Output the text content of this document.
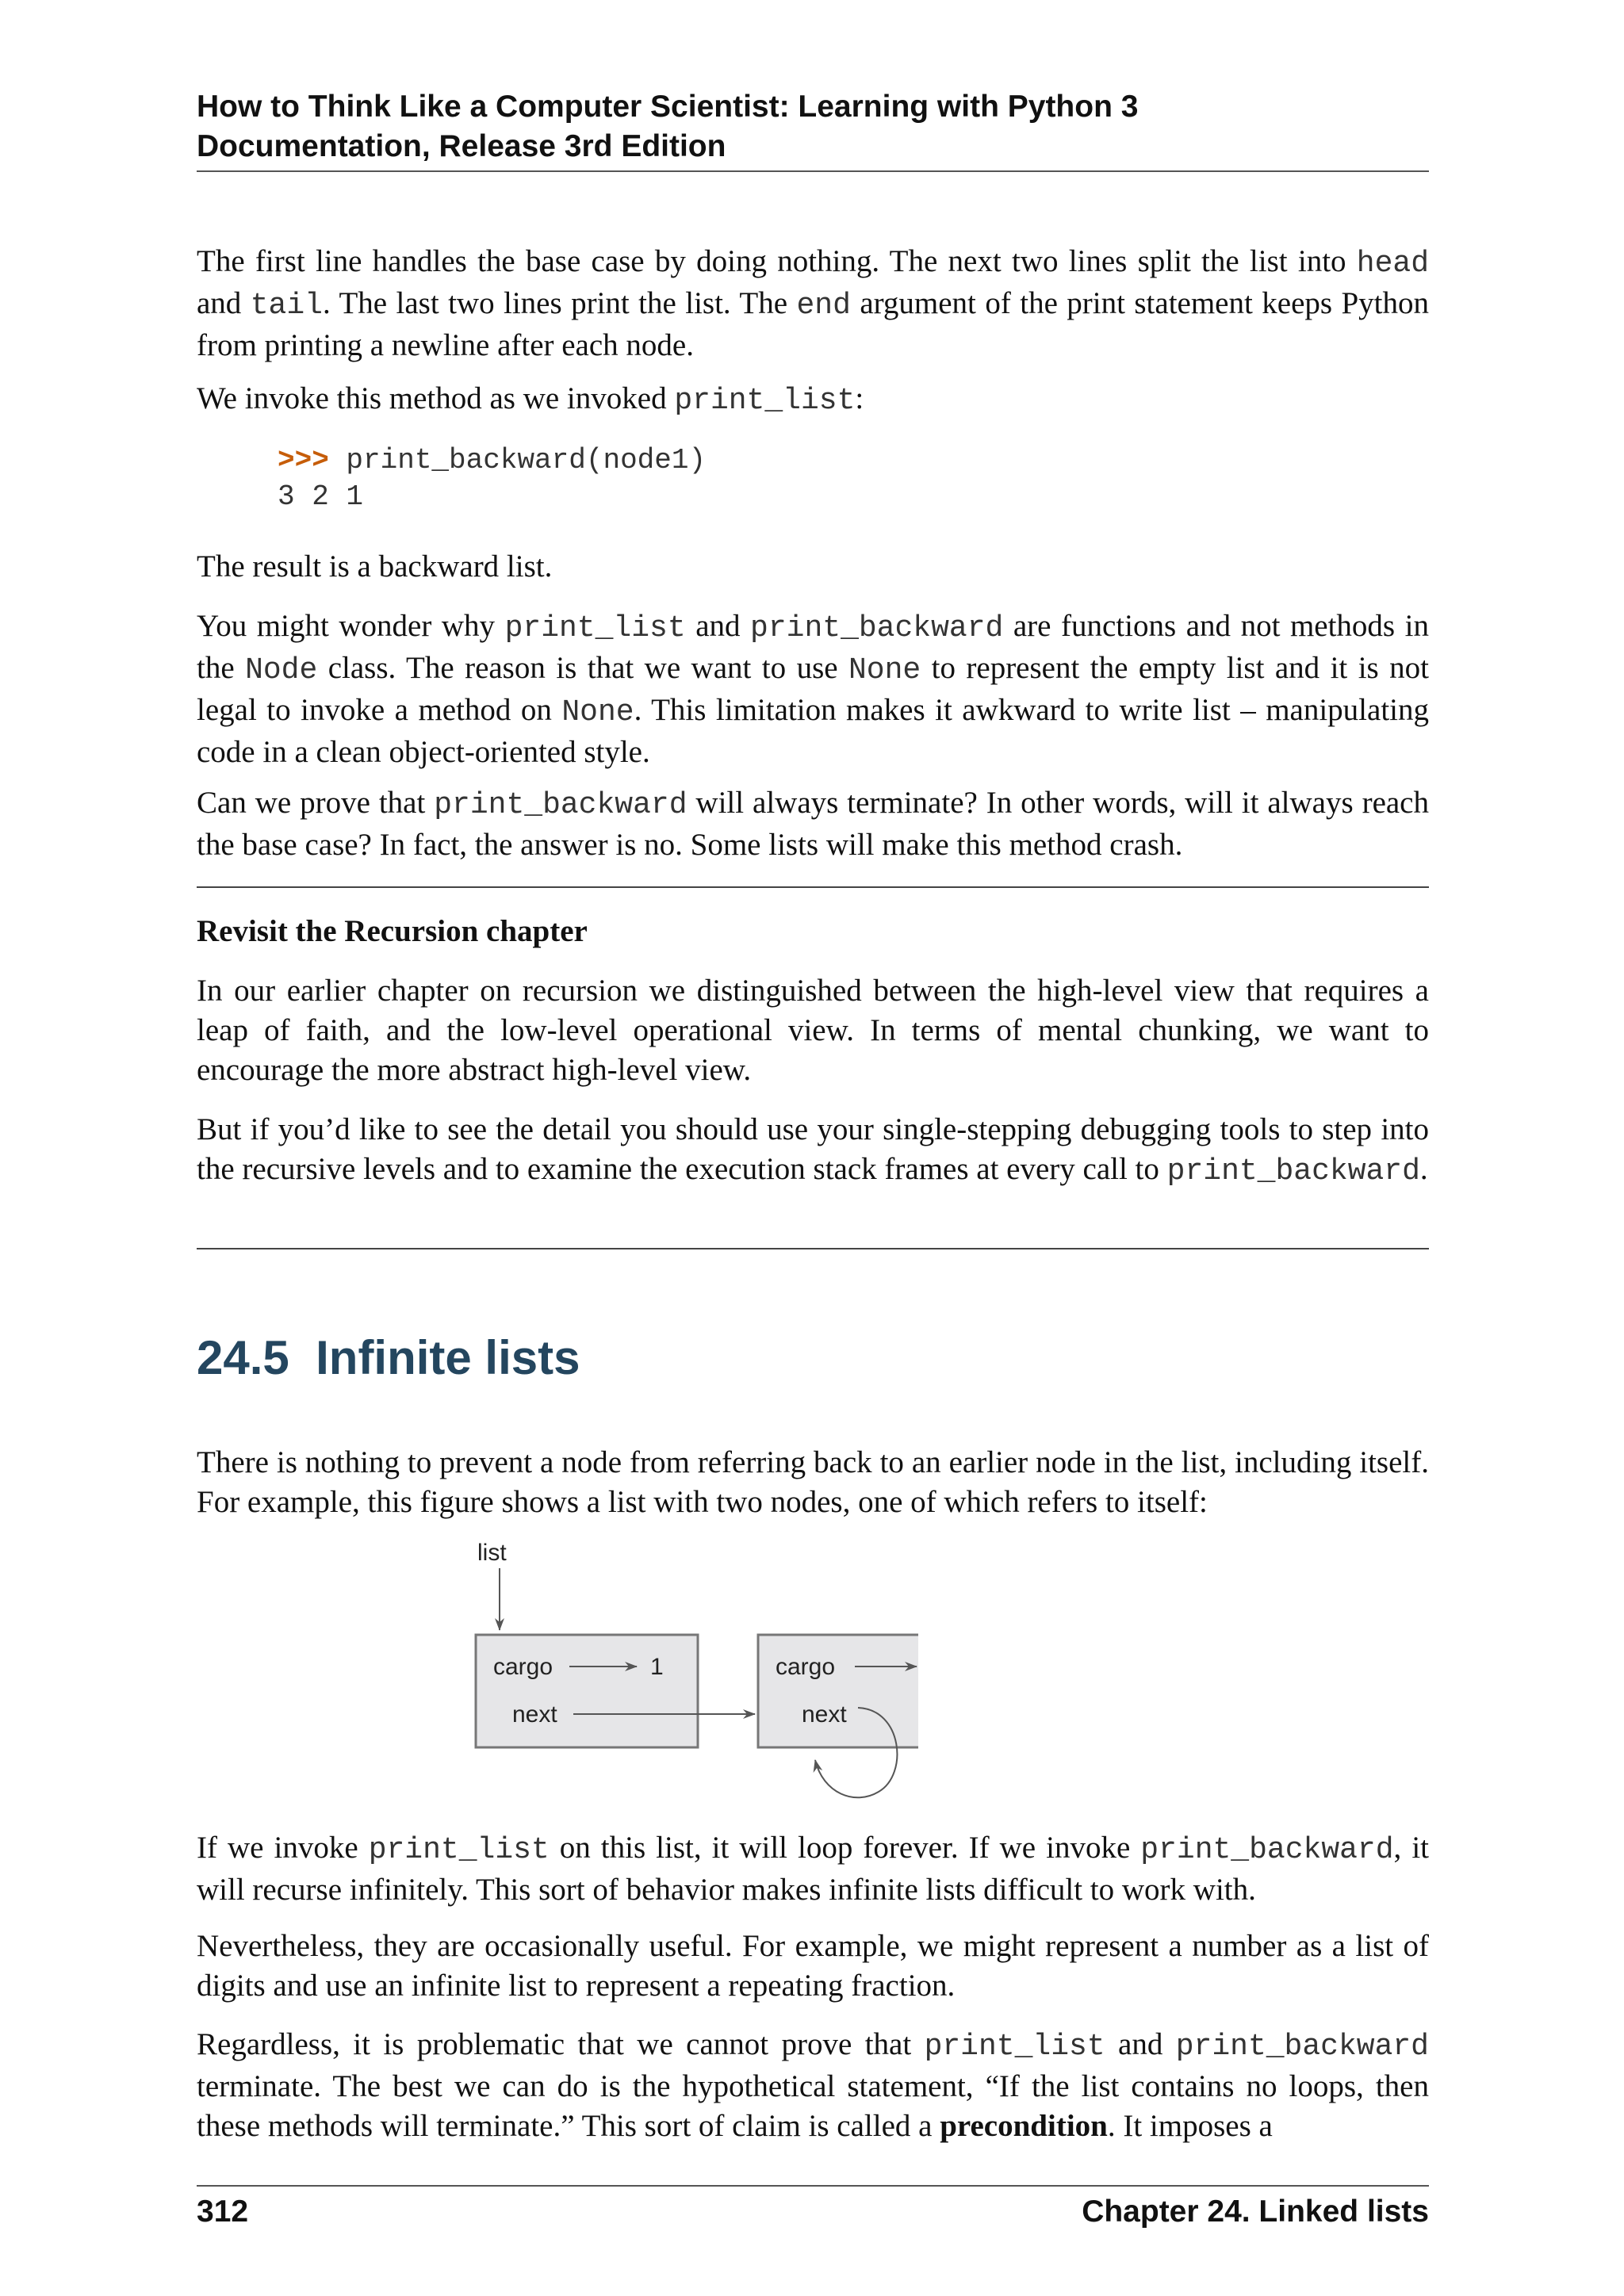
How to Think Like a Computer Scientist: Learning with Python 3
Documentation, Release 3rd Edition

The first line handles the base case by doing nothing. The next two lines split the list into head and tail. The last two lines print the list. The end argument of the print statement keeps Python from printing a newline after each node.

We invoke this method as we invoked print_list:

>>> print_backward(node1)
3 2 1

The result is a backward list.

You might wonder why print_list and print_backward are functions and not methods in the Node class. The reason is that we want to use None to represent the empty list and it is not legal to invoke a method on None. This limitation makes it awkward to write list – manipulating code in a clean object-oriented style.

Can we prove that print_backward will always terminate? In other words, will it always reach the base case? In fact, the answer is no. Some lists will make this method crash.

Revisit the Recursion chapter

In our earlier chapter on recursion we distinguished between the high-level view that requires a leap of faith, and the low-level operational view. In terms of mental chunking, we want to encourage the more abstract high-level view.

But if you’d like to see the detail you should use your single-stepping debugging tools to step into the recursive levels and to examine the execution stack frames at every call to print_backward.

24.5 Infinite lists

There is nothing to prevent a node from referring back to an earlier node in the list, including itself. For example, this figure shows a list with two nodes, one of which refers to itself:

list
cargo	1
next
cargo
next

If we invoke print_list on this list, it will loop forever. If we invoke print_backward, it will recurse infinitely. This sort of behavior makes infinite lists difficult to work with.

Nevertheless, they are occasionally useful. For example, we might represent a number as a list of digits and use an infinite list to represent a repeating fraction.

Regardless, it is problematic that we cannot prove that print_list and print_backward terminate. The best we can do is the hypothetical statement, “If the list contains no loops, then these methods will terminate.” This sort of claim is called a precondition. It imposes a

312	Chapter 24. Linked lists
